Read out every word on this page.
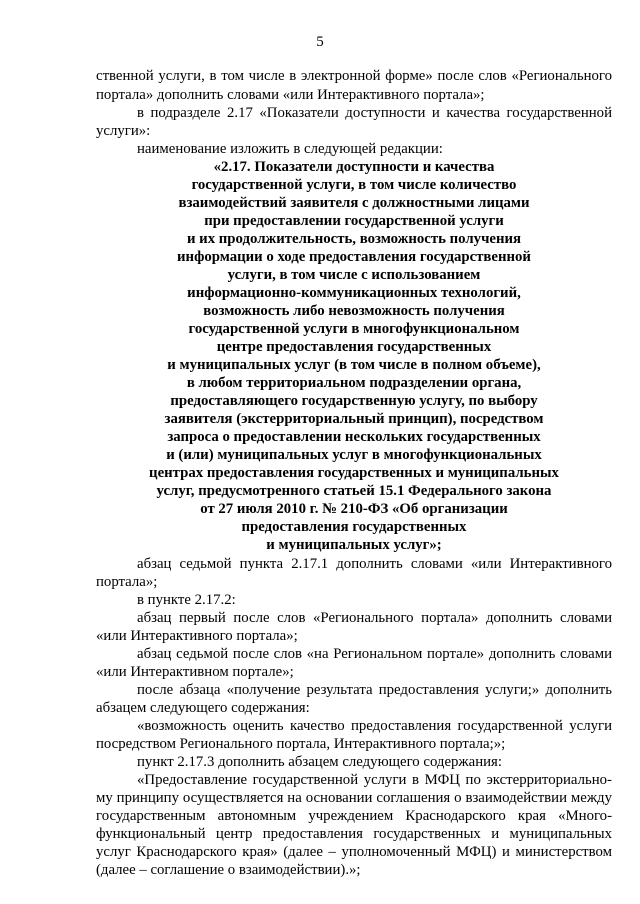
5
ственной услуги, в том числе в электронной форме» после слов «Регионального
портала» дополнить словами «или Интерактивного портала»;
в подразделе 2.17 «Показатели доступности и качества государственной
услуги»:
наименование изложить в следующей редакции:
«2.17. Показатели доступности и качества
государственной услуги, в том числе количество
взаимодействий заявителя с должностными лицами
при предоставлении государственной услуги
и их продолжительность, возможность получения
информации о ходе предоставления государственной
услуги, в том числе с использованием
информационно-коммуникационных технологий,
возможность либо невозможность получения
государственной услуги в многофункциональном
центре предоставления государственных
и муниципальных услуг (в том числе в полном объеме),
в любом территориальном подразделении органа,
предоставляющего государственную услугу, по выбору
заявителя (экстерриториальный принцип), посредством
запроса о предоставлении нескольких государственных
и (или) муниципальных услуг в многофункциональных
центрах предоставления государственных и муниципальных
услуг, предусмотренного статьей 15.1 Федерального закона
от 27 июля 2010 г. № 210-ФЗ «Об организации
предоставления государственных
и муниципальных услуг»;
абзац седьмой пункта 2.17.1 дополнить словами «или Интерактивного
портала»;
в пункте 2.17.2:
абзац первый после слов «Регионального портала» дополнить словами
«или Интерактивного портала»;
абзац седьмой после слов «на Региональном портале» дополнить словами
«или Интерактивном портале»;
после абзаца «получение результата предоставления услуги;» дополнить
абзацем следующего содержания:
«возможность оценить качество предоставления государственной услуги
посредством Регионального портала, Интерактивного портала;»;
пункт 2.17.3 дополнить абзацем следующего содержания:
«Предоставление государственной услуги в МФЦ по экстерриториально-
му принципу осуществляется на основании соглашения о взаимодействии между
государственным автономным учреждением Краснодарского края «Много-
функциональный центр предоставления государственных и муниципальных
услуг Краснодарского края» (далее – уполномоченный МФЦ) и министерством
(далее – соглашение о взаимодействии).»;
